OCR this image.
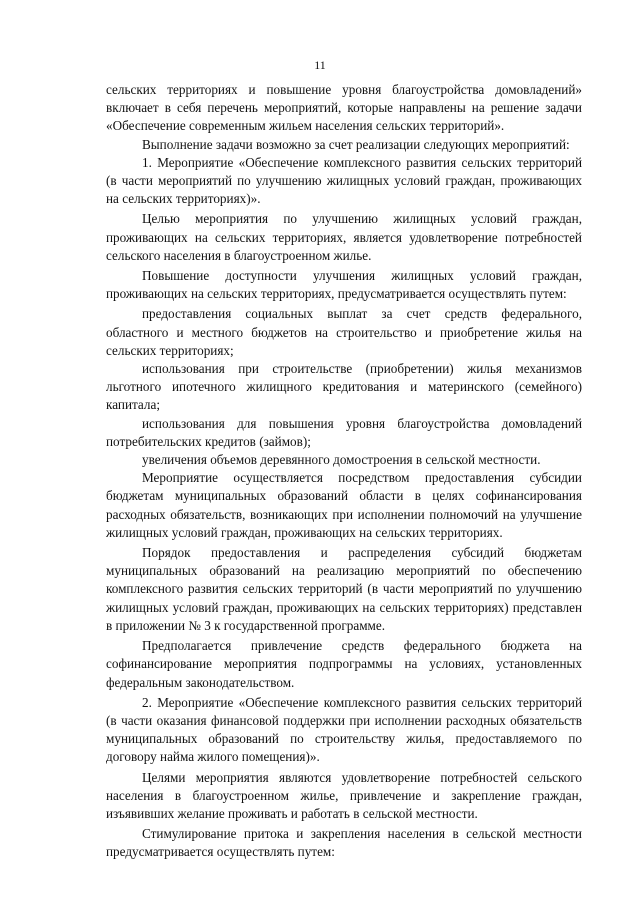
11

сельских территориях и повышение уровня благоустройства домовладений» включает в себя перечень мероприятий, которые направлены на решение задачи «Обеспечение современным жильем населения сельских территорий».

Выполнение задачи возможно за счет реализации следующих мероприятий:

1. Мероприятие «Обеспечение комплексного развития сельских территорий (в части мероприятий по улучшению жилищных условий граждан, проживающих на сельских территориях)».

Целью мероприятия по улучшению жилищных условий граждан, проживающих на сельских территориях, является удовлетворение потребностей сельского населения в благоустроенном жилье.

Повышение доступности улучшения жилищных условий граждан, проживающих на сельских территориях, предусматривается осуществлять путем:

предоставления социальных выплат за счет средств федерального, областного и местного бюджетов на строительство и приобретение жилья на сельских территориях;

использования при строительстве (приобретении) жилья механизмов льготного ипотечного жилищного кредитования и материнского (семейного) капитала;

использования для повышения уровня благоустройства домовладений потребительских кредитов (займов);

увеличения объемов деревянного домостроения в сельской местности.

Мероприятие осуществляется посредством предоставления субсидии бюджетам муниципальных образований области в целях софинансирования расходных обязательств, возникающих при исполнении полномочий на улучшение жилищных условий граждан, проживающих на сельских территориях.

Порядок предоставления и распределения субсидий бюджетам муниципальных образований на реализацию мероприятий по обеспечению комплексного развития сельских территорий (в части мероприятий по улучшению жилищных условий граждан, проживающих на сельских территориях) представлен в приложении № 3 к государственной программе.

Предполагается привлечение средств федерального бюджета на софинансирование мероприятия подпрограммы на условиях, установленных федеральным законодательством.

2. Мероприятие «Обеспечение комплексного развития сельских территорий (в части оказания финансовой поддержки при исполнении расходных обязательств муниципальных образований по строительству жилья, предоставляемого по договору найма жилого помещения)».

Целями мероприятия являются удовлетворение потребностей сельского населения в благоустроенном жилье, привлечение и закрепление граждан, изъявивших желание проживать и работать в сельской местности.

Стимулирование притока и закрепления населения в сельской местности предусматривается осуществлять путем:
